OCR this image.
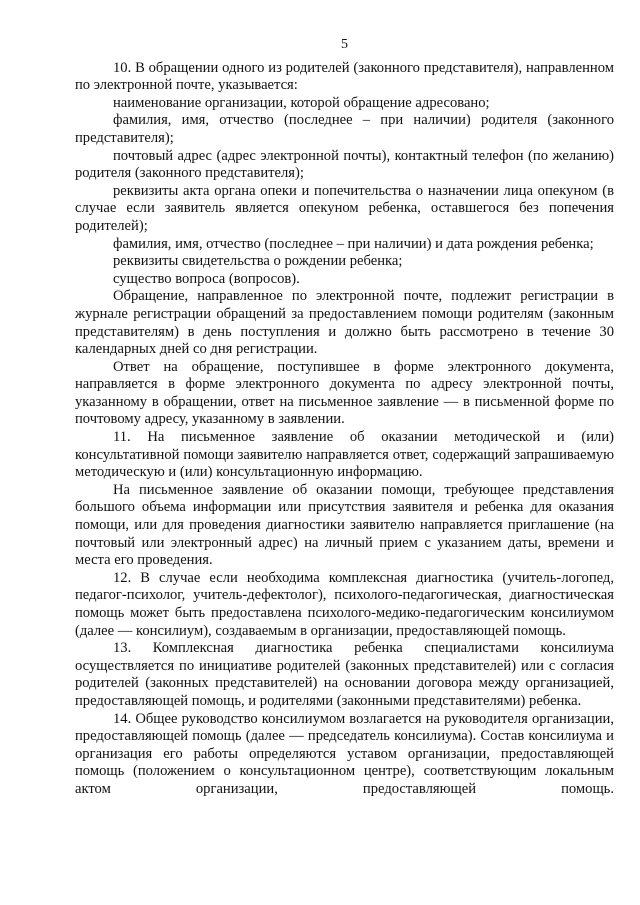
5

10. В обращении одного из родителей (законного представителя), направленном по электронной почте, указывается:

наименование организации, которой обращение адресовано;

фамилия, имя, отчество (последнее – при наличии) родителя (законного представителя);

почтовый адрес (адрес электронной почты), контактный телефон (по желанию) родителя (законного представителя);

реквизиты акта органа опеки и попечительства о назначении лица опекуном (в случае если заявитель является опекуном ребенка, оставшегося без попечения родителей);

фамилия, имя, отчество (последнее – при наличии) и дата рождения ребенка;

реквизиты свидетельства о рождении ребенка;

существо вопроса (вопросов).

Обращение, направленное по электронной почте, подлежит регистрации в журнале регистрации обращений за предоставлением помощи родителям (законным представителям) в день поступления и должно быть рассмотрено в течение 30 календарных дней со дня регистрации.

Ответ на обращение, поступившее в форме электронного документа, направляется в форме электронного документа по адресу электронной почты, указанному в обращении, ответ на письменное заявление — в письменной форме по почтовому адресу, указанному в заявлении.

11. На письменное заявление об оказании методической и (или) консультативной помощи заявителю направляется ответ, содержащий запрашиваемую методическую и (или) консультационную информацию.

На письменное заявление об оказании помощи, требующее представления большого объема информации или присутствия заявителя и ребенка для оказания помощи, или для проведения диагностики заявителю направляется приглашение (на почтовый или электронный адрес) на личный прием с указанием даты, времени и места его проведения.

12. В случае если необходима комплексная диагностика (учитель-логопед, педагог-психолог, учитель-дефектолог), психолого-педагогическая, диагностическая помощь может быть предоставлена психолого-медико-педагогическим консилиумом (далее — консилиум), создаваемым в организации, предоставляющей помощь.

13. Комплексная диагностика ребенка специалистами консилиума осуществляется по инициативе родителей (законных представителей) или с согласия родителей (законных представителей) на основании договора между организацией, предоставляющей помощь, и родителями (законными представителями) ребенка.

14. Общее руководство консилиумом возлагается на руководителя организации, предоставляющей помощь (далее — председатель консилиума). Состав консилиума и организация его работы определяются уставом организации, предоставляющей помощь (положением о консультационном центре), соответствующим локальным актом организации, предоставляющей помощь.
